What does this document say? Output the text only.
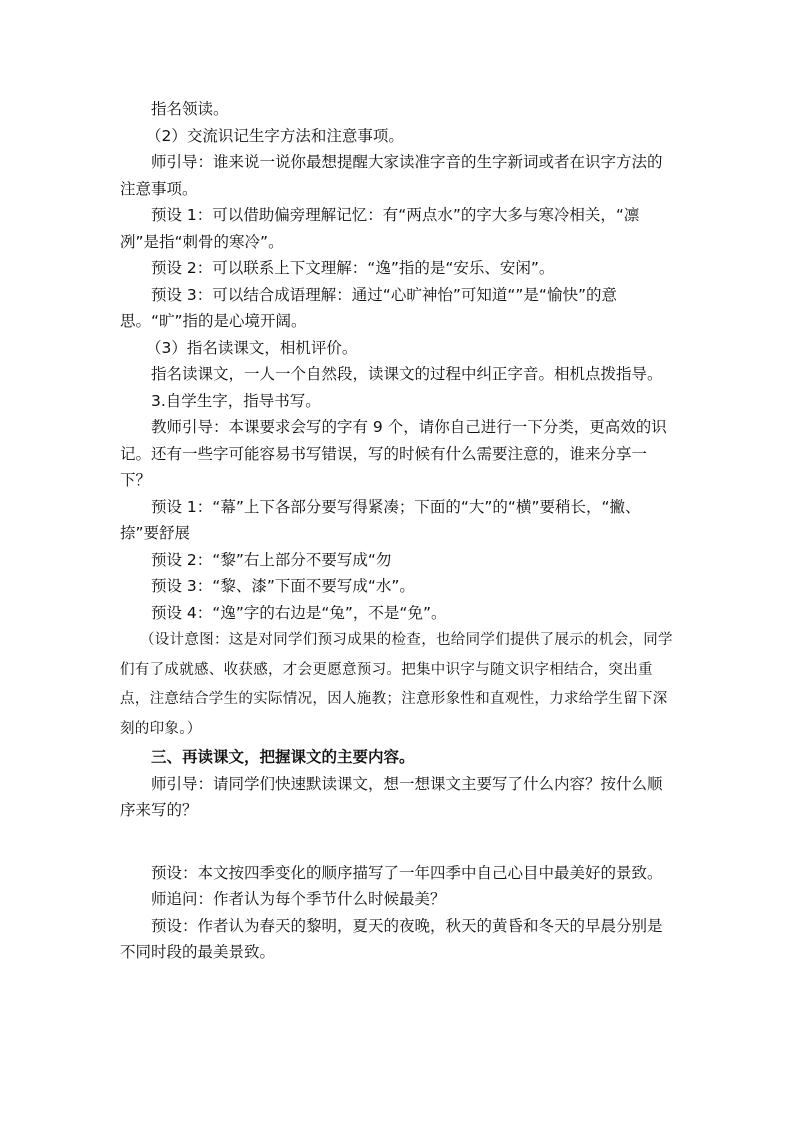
指名领读。

（2）交流识记生字方法和注意事项。

师引导：谁来说一说你最想提醒大家读准字音的生字新词或者在识字方法的注意事项。

预设 1：可以借助偏旁理解记忆：有“两点水”的字大多与寒冷相关，“凛冽”是指“刺骨的寒冷”。

预设 2：可以联系上下文理解：“逸”指的是“安乐、安闲”。

预设 3：可以结合成语理解：通过“心旷神怡”可知道“”是“愉快”的意思。“旷”指的是心境开阔。

（3）指名读课文，相机评价。

指名读课文，一人一个自然段，读课文的过程中纠正字音。相机点拨指导。

3.自学生字，指导书写。

教师引导：本课要求会写的字有 9 个，请你自己进行一下分类，更高效的识记。还有一些字可能容易书写错误，写的时候有什么需要注意的，谁来分享一下？

预设 1：“幕”上下各部分要写得紧凑；下面的“大”的“横”要稍长，“撇、捺”要舒展

预设 2：“黎”右上部分不要写成“勿

预设 3：“黎、漆”下面不要写成“水”。

预设 4：“逸”字的右边是“兔”，不是“免”。

（设计意图：这是对同学们预习成果的检查，也给同学们提供了展示的机会，同学们有了成就感、收获感，才会更愿意预习。把集中识字与随文识字相结合，突出重点，注意结合学生的实际情况，因人施教；注意形象性和直观性，力求给学生留下深刻的印象。）

三、再读课文，把握课文的主要内容。

师引导：请同学们快速默读课文，想一想课文主要写了什么内容？按什么顺序来写的？

预设：本文按四季变化的顺序描写了一年四季中自己心目中最美好的景致。

师追问：作者认为每个季节什么时候最美？

预设：作者认为春天的黎明，夏天的夜晚，秋天的黄昏和冬天的早晨分别是不同时段的最美景致。
